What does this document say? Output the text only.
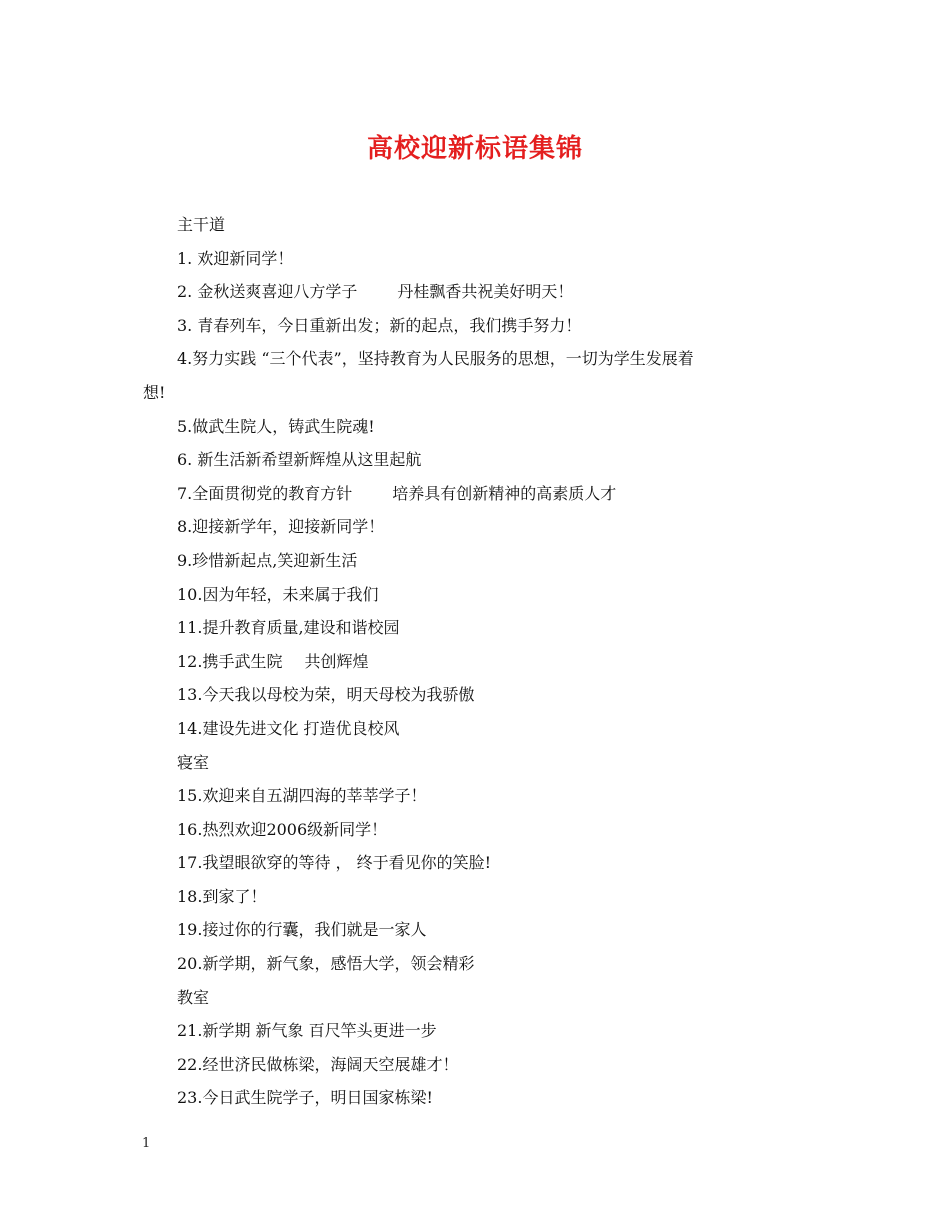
高校迎新标语集锦
主干道
1. 欢迎新同学！
2. 金秋送爽喜迎八方学子	丹桂飘香共祝美好明天！
3. 青春列车，今日重新出发；新的起点，我们携手努力！
4.努力实践 “三个代表”，坚持教育为人民服务的思想，一切为学生发展着
想!
5.做武生院人，铸武生院魂!
6. 新生活新希望新辉煌从这里起航
7.全面贯彻党的教育方针	培养具有创新精神的高素质人才
8.迎接新学年，迎接新同学！
9.珍惜新起点,笑迎新生活
10.因为年轻，未来属于我们
11.提升教育质量,建设和谐校园
12.携手武生院 共创辉煌
13.今天我以母校为荣，明天母校为我骄傲
14.建设先进文化 打造优良校风
寝室
15.欢迎来自五湖四海的莘莘学子！
16.热烈欢迎2006级新同学！
17.我望眼欲穿的等待 ， 终于看见你的笑脸!
18.到家了！
19.接过你的行囊，我们就是一家人
20.新学期，新气象，感悟大学，领会精彩
教室
21.新学期 新气象 百尺竿头更进一步
22.经世济民做栋梁，海阔天空展雄才！
23.今日武生院学子，明日国家栋梁!
1
